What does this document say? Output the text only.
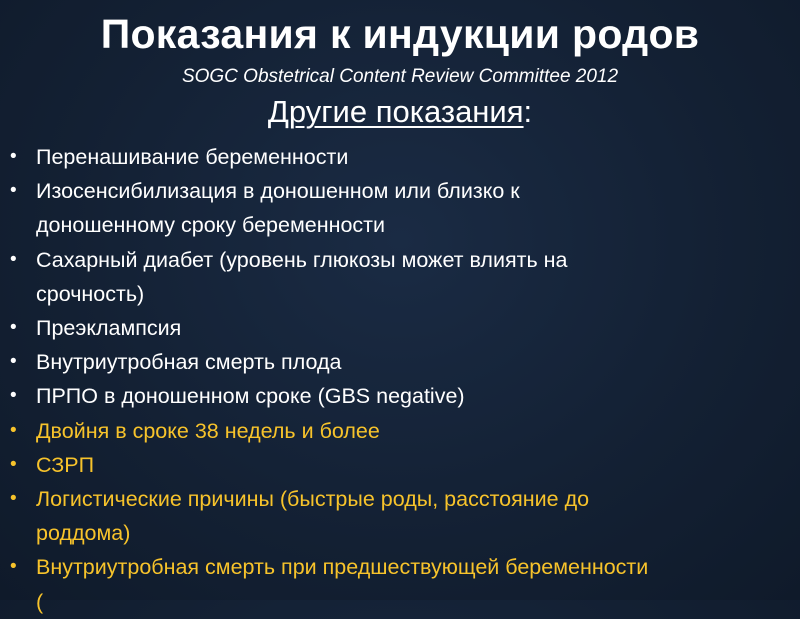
Показания к индукции родов
SOGC Obstetrical Content Review Committee 2012
Другие показания:
• Перенашивание беременности
• Изосенсибилизация в доношенном или близко к
доношенному сроку беременности
• Сахарный диабет (уровень глюкозы может влиять на
срочность)
• Преэклампсия
• Внутриутробная смерть плода
• ПРПО в доношенном сроке (GBS negative)
• Двойня в сроке 38 недель и более
• СЗРП
• Логистические причины (быстрые роды, расстояние до
роддома)
• Внутриутробная смерть при предшествующей беременности
(
